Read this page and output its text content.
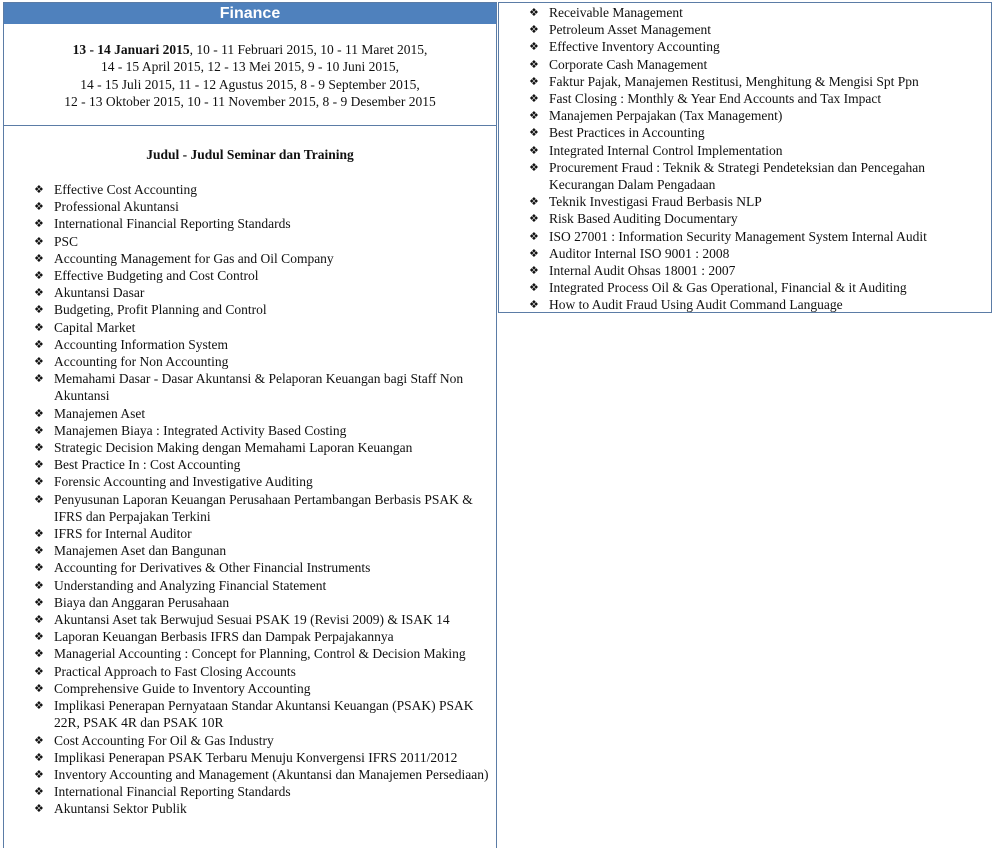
Finance
13 - 14 Januari 2015, 10 - 11 Februari 2015, 10 - 11 Maret 2015,
14 - 15 April 2015, 12 - 13 Mei 2015, 9 - 10 Juni 2015,
14 - 15 Juli 2015, 11 - 12 Agustus 2015, 8 - 9 September 2015,
12 - 13 Oktober 2015, 10 - 11 November 2015, 8 - 9 Desember 2015
Judul - Judul Seminar dan Training
❖ Effective Cost Accounting
❖ Professional Akuntansi
❖ International Financial Reporting Standards
❖ PSC
❖ Accounting Management for Gas and Oil Company
❖ Effective Budgeting and Cost Control
❖ Akuntansi Dasar
❖ Budgeting, Profit Planning and Control
❖ Capital Market
❖ Accounting Information System
❖ Accounting for Non Accounting
❖ Memahami Dasar - Dasar Akuntansi & Pelaporan Keuangan bagi Staff Non Akuntansi
❖ Manajemen Aset
❖ Manajemen Biaya : Integrated Activity Based Costing
❖ Strategic Decision Making dengan Memahami Laporan Keuangan
❖ Best Practice In : Cost Accounting
❖ Forensic Accounting and Investigative Auditing
❖ Penyusunan Laporan Keuangan Perusahaan Pertambangan Berbasis PSAK & IFRS dan Perpajakan Terkini
❖ IFRS for Internal Auditor
❖ Manajemen Aset dan Bangunan
❖ Accounting for Derivatives & Other Financial Instruments
❖ Understanding and Analyzing Financial Statement
❖ Biaya dan Anggaran Perusahaan
❖ Akuntansi Aset tak Berwujud Sesuai PSAK 19 (Revisi 2009) & ISAK 14
❖ Laporan Keuangan Berbasis IFRS dan Dampak Perpajakannya
❖ Managerial Accounting : Concept for Planning, Control & Decision Making
❖ Practical Approach to Fast Closing Accounts
❖ Comprehensive Guide to Inventory Accounting
❖ Implikasi Penerapan Pernyataan Standar Akuntansi Keuangan (PSAK) PSAK 22R, PSAK 4R dan PSAK 10R
❖ Cost Accounting For Oil & Gas Industry
❖ Implikasi Penerapan PSAK Terbaru Menuju Konvergensi IFRS 2011/2012
❖ Inventory Accounting and Management (Akuntansi dan Manajemen Persediaan)
❖ International Financial Reporting Standards
❖ Akuntansi Sektor Publik
❖ Receivable Management
❖ Petroleum Asset Management
❖ Effective Inventory Accounting
❖ Corporate Cash Management
❖ Faktur Pajak, Manajemen Restitusi, Menghitung & Mengisi Spt Ppn
❖ Fast Closing : Monthly & Year End Accounts and Tax Impact
❖ Manajemen Perpajakan (Tax Management)
❖ Best Practices in Accounting
❖ Integrated Internal Control Implementation
❖ Procurement Fraud : Teknik & Strategi Pendeteksian dan Pencegahan Kecurangan Dalam Pengadaan
❖ Teknik Investigasi Fraud Berbasis NLP
❖ Risk Based Auditing Documentary
❖ ISO 27001 : Information Security Management System Internal Audit
❖ Auditor Internal ISO 9001 : 2008
❖ Internal Audit Ohsas 18001 : 2007
❖ Integrated Process Oil & Gas Operational, Financial & it Auditing
❖ How to Audit Fraud Using Audit Command Language
